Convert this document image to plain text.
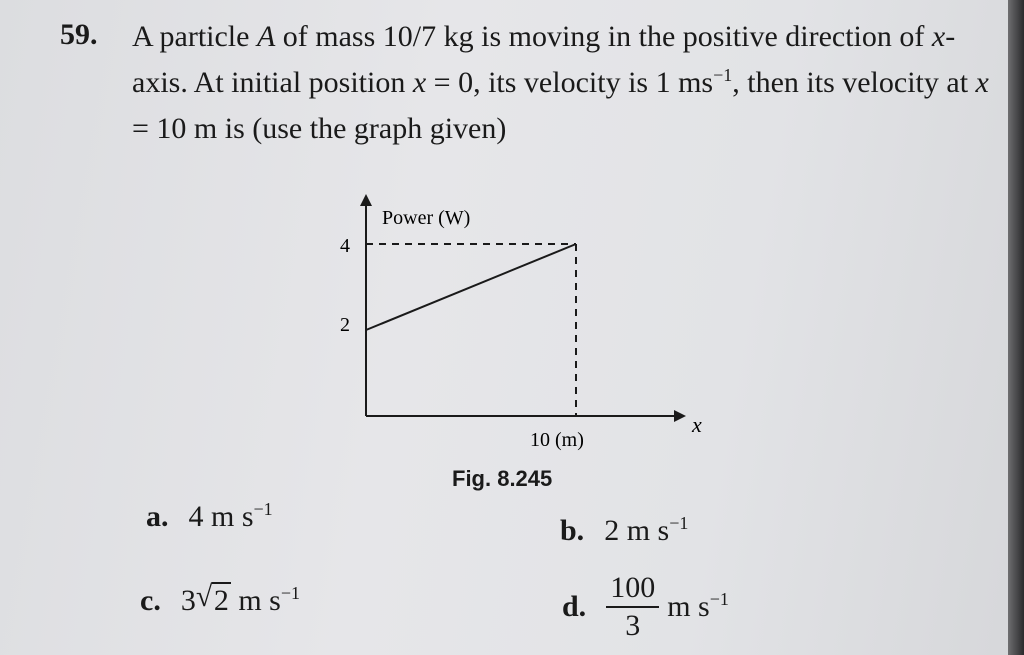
59. A particle A of mass 10/7 kg is moving in the positive direction of x-axis. At initial position x = 0, its velocity is 1 $ms^{-1}$, then its velocity at x = 10 m is (use the graph given)

Power (W)
4
2
10 (m)
x
Fig. 8.245
a. 4 m $s^{-1}$
b. 2 m $s^{-1}$
c. 3 √ 2 m $s^{-1}$	d. $\frac{100}{3}$ m $s^{-1}$
